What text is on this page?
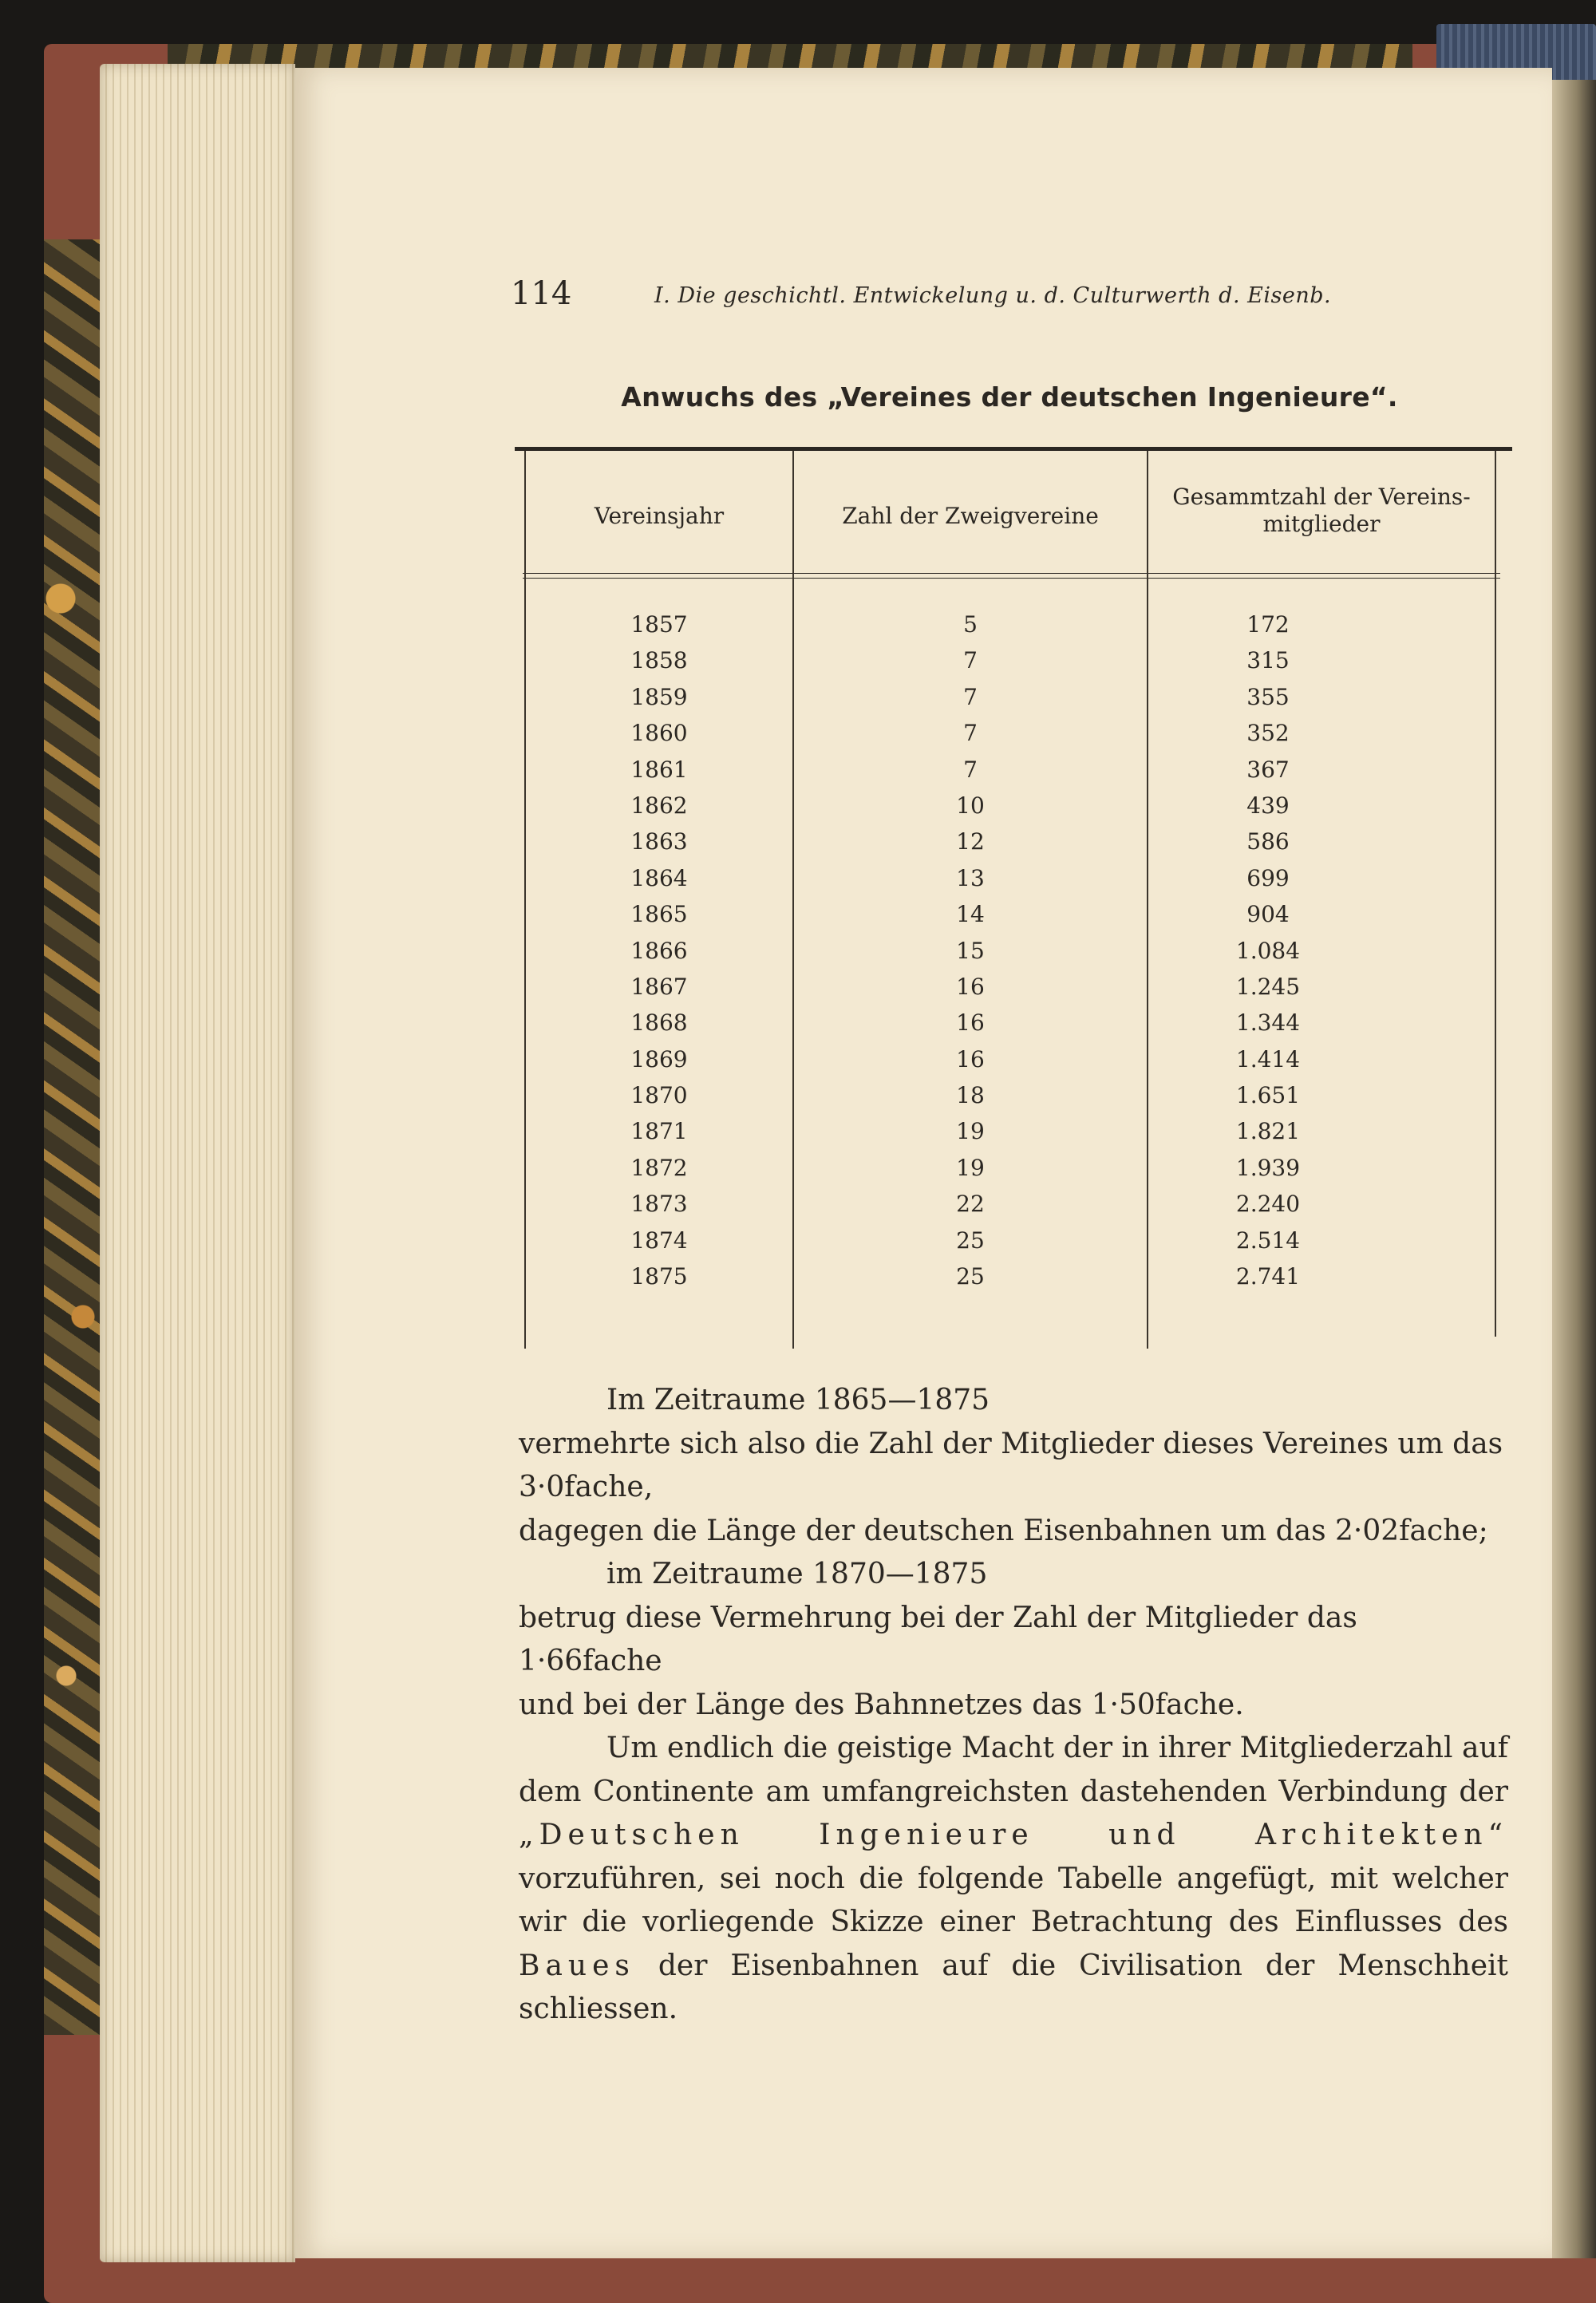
114	I. Die geschichtl. Entwickelung u. d. Culturwerth d. Eisenb.
Anwuchs des „Vereines der deutschen Ingenieure“.
Vereinsjahr	Zahl der Zweigvereine
Gesammtzahl der Vereins-
mitglieder
1857
1858
1859
1860
1861
1862
1863
1864
1865
1866
1867
1868
1869
1870
1871
1872
1873
1874
1875
5
7
7
7
7
10
12
13
14
15
16
16
16
18
19
19
22
25
25
172
315
355
352
367
439
586
699
904
1.084
1.245
1.344
1.414
1.651
1.821
1.939
2.240
2.514
2.741

Im Zeitraume 1865—1875

vermehrte sich also die Zahl der Mitglieder dieses Vereines um das 3·0fache,

dagegen die Länge der deutschen Eisenbahnen um das 2·02fache;

im Zeitraume 1870—1875

betrug diese Vermehrung bei der Zahl der Mitglieder das 1·66fache

und bei der Länge des Bahnnetzes das 1·50fache.

Um endlich die geistige Macht der in ihrer Mitgliederzahl auf dem Continente am umfangreichsten dastehenden Verbindung der „Deutschen Ingenieure und Architekten“ vorzuführen, sei noch die folgende Tabelle angefügt, mit welcher wir die vorliegende Skizze einer Betrachtung des Einflusses des Baues der Eisenbahnen auf die Civilisation der Menschheit schliessen.
